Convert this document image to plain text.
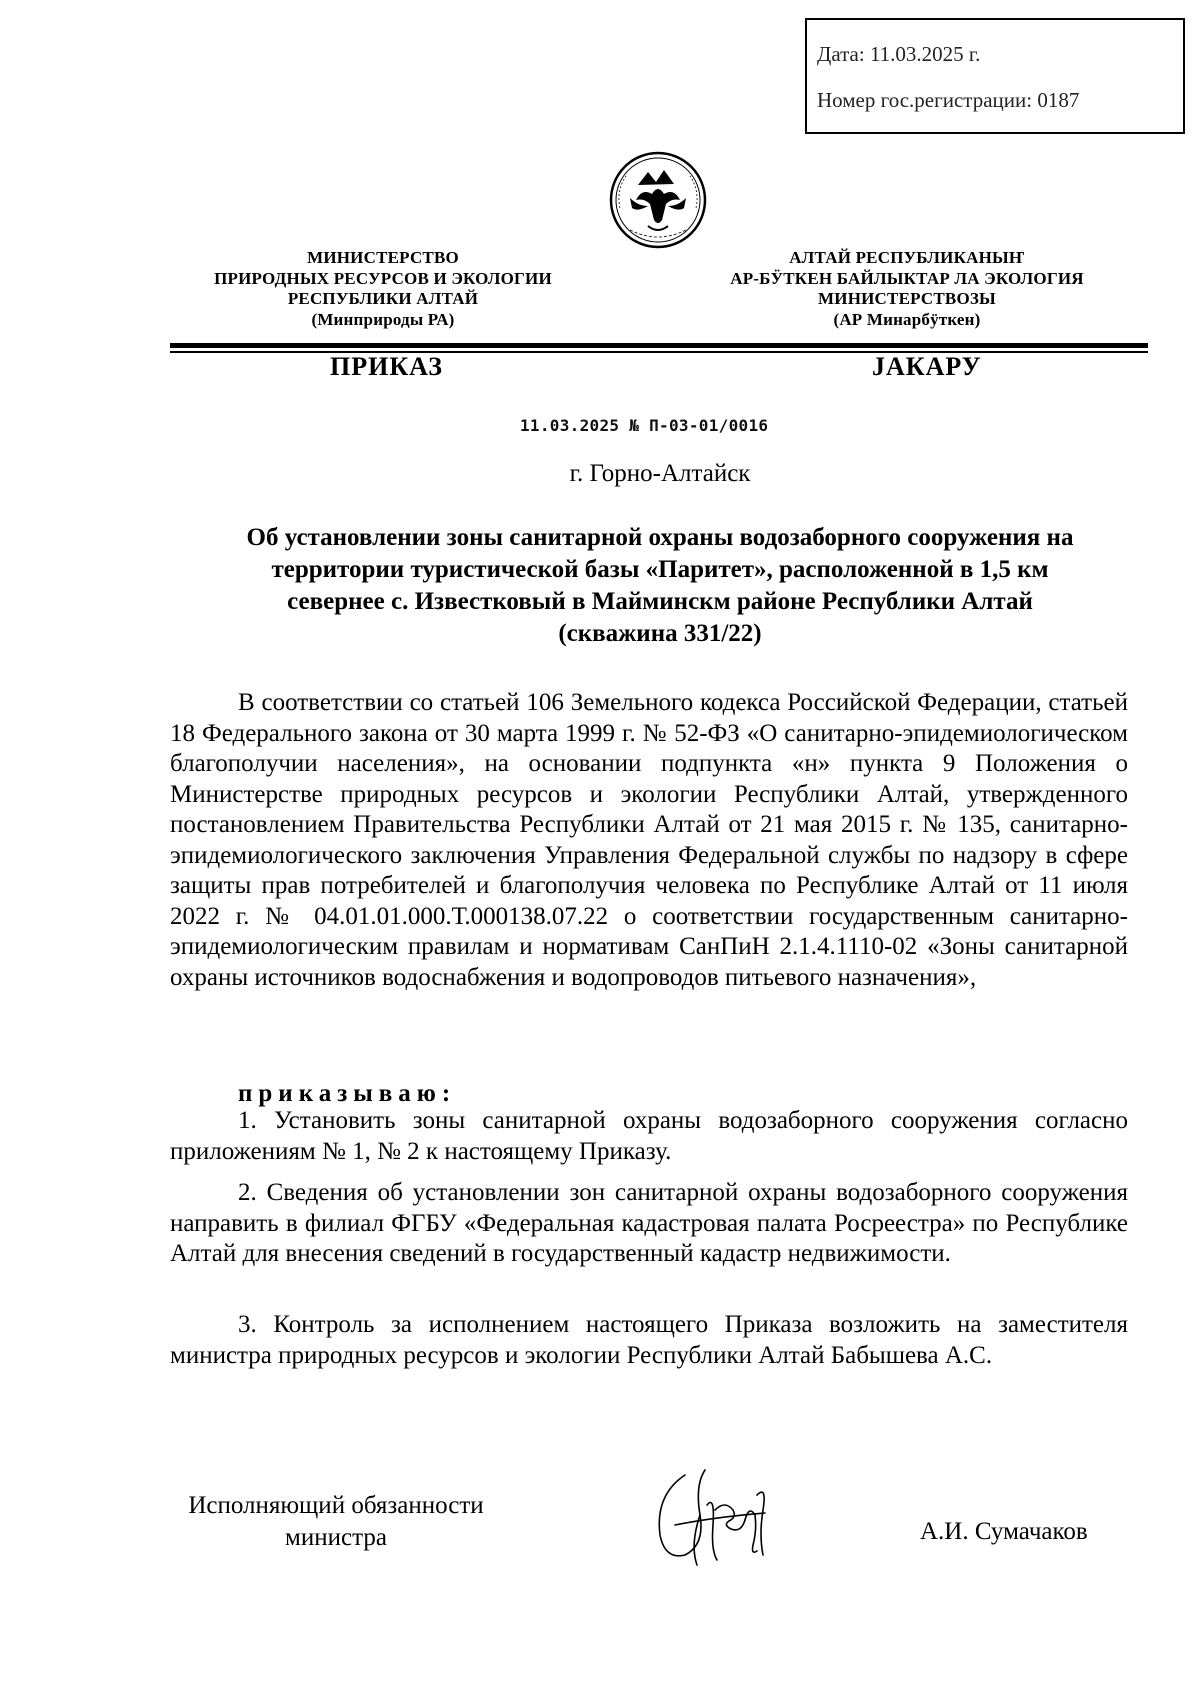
Дата: 11.03.2025 г.
Номер гос.регистрации: 0187
МИНИСТЕРСТВО
ПРИРОДНЫХ РЕСУРСОВ И ЭКОЛОГИИ
РЕСПУБЛИКИ АЛТАЙ
(Минприроды РА)
АЛТАЙ РЕСПУБЛИКАНЫҤ
АР-БӰТКЕН БАЙЛЫКТАР ЛА ЭКОЛОГИЯ
МИНИСТЕРСТВОЗЫ
(АР Минарбӱткен)
ПРИКАЗ	JАКАРУ
11.03.2025 № П-03-01/0016
г. Горно-Алтайск
Об установлении зоны санитарной охраны водозаборного сооружения на
территории туристической базы «Паритет», расположенной в 1,5 км
севернее с. Известковый в Майминскм районе Республики Алтай
(скважина 331/22)
В соответствии со статьей 106 Земельного кодекса Российской Федерации, статьей 18 Федерального закона от 30 марта 1999 г. № 52-ФЗ «О санитарно-эпидемиологическом благополучии населения», на основании подпункта «н» пункта 9 Положения о Министерстве природных ресурсов и экологии Республики Алтай, утвержденного постановлением Правительства Республики Алтай от 21 мая 2015 г. № 135, санитарно-эпидемиологического заключения Управления Федеральной службы по надзору в сфере защиты прав потребителей и благополучия человека по Республике Алтай от 11 июля 2022 г. № 04.01.01.000.Т.000138.07.22 о соответствии государственным санитарно-эпидемиологическим правилам и нормативам СанПиН 2.1.4.1110-02 «Зоны санитарной охраны источников водоснабжения и водопроводов питьевого назначения»,
приказываю:
1. Установить зоны санитарной охраны водозаборного сооружения согласно приложениям № 1, № 2 к настоящему Приказу.
2. Сведения об установлении зон санитарной охраны водозаборного сооружения направить в филиал ФГБУ «Федеральная кадастровая палата Росреестра» по Республике Алтай для внесения сведений в государственный кадастр недвижимости.
3. Контроль за исполнением настоящего Приказа возложить на заместителя министра природных ресурсов и экологии Республики Алтай Бабышева А.С.
Исполняющий обязанности
министра	А.И. Сумачаков
